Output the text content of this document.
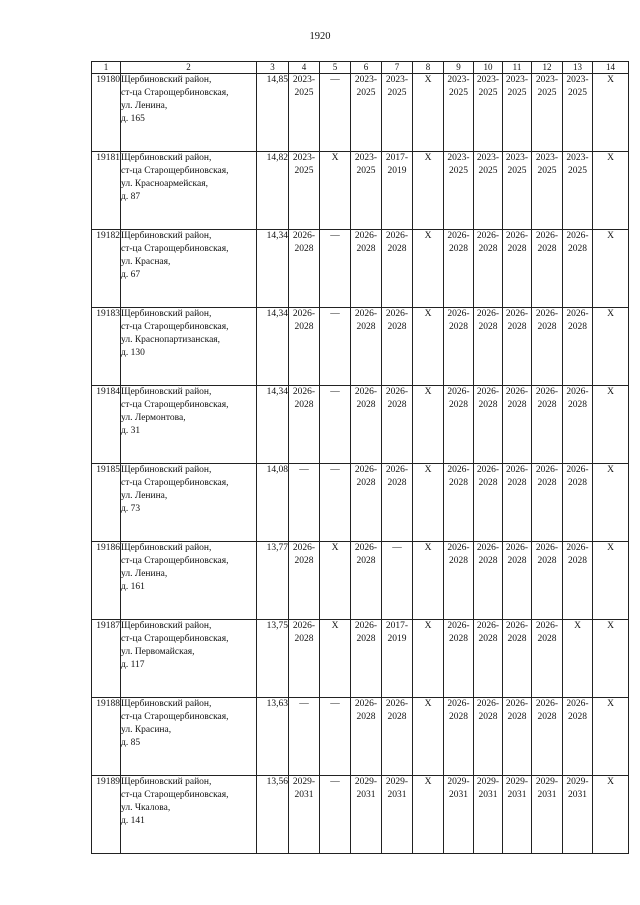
1920
1	2	3	4	5	6	7	8	9	10	11	12	13	14
19180	Щербиновский район,
ст-ца Старощербиновская,
ул. Ленина,
д. 165	14,85	2023-
2025	—	2023-
2025	2023-
2025	X	2023-
2025	2023-
2025	2023-
2025	2023-
2025	2023-
2025	X

19181	Щербиновский район,
ст-ца Старощербиновская,
ул. Красноармейская,
д. 87	14,82	2023-
2025	X	2023-
2025	2017-
2019	X	2023-
2025	2023-
2025	2023-
2025	2023-
2025	2023-
2025	X

19182	Щербиновский район,
ст-ца Старощербиновская,
ул. Красная,
д. 67	14,34	2026-
2028	—	2026-
2028	2026-
2028	X	2026-
2028	2026-
2028	2026-
2028	2026-
2028	2026-
2028	X

19183	Щербиновский район,
ст-ца Старощербиновская,
ул. Краснопартизанская,
д. 130	14,34	2026-
2028	—	2026-
2028	2026-
2028	X	2026-
2028	2026-
2028	2026-
2028	2026-
2028	2026-
2028	X

19184	Щербиновский район,
ст-ца Старощербиновская,
ул. Лермонтова,
д. 31	14,34	2026-
2028	—	2026-
2028	2026-
2028	X	2026-
2028	2026-
2028	2026-
2028	2026-
2028	2026-
2028	X

19185	Щербиновский район,
ст-ца Старощербиновская,
ул. Ленина,
д. 73	14,08	—	—	2026-
2028	2026-
2028	X	2026-
2028	2026-
2028	2026-
2028	2026-
2028	2026-
2028	X

19186	Щербиновский район,
ст-ца Старощербиновская,
ул. Ленина,
д. 161	13,77	2026-
2028	X	2026-
2028	—	X	2026-
2028	2026-
2028	2026-
2028	2026-
2028	2026-
2028	X

19187	Щербиновский район,
ст-ца Старощербиновская,
ул. Первомайская,
д. 117	13,75	2026-
2028	X	2026-
2028	2017-
2019	X	2026-
2028	2026-
2028	2026-
2028	2026-
2028	X	X

19188	Щербиновский район,
ст-ца Старощербиновская,
ул. Красина,
д. 85	13,63	—	—	2026-
2028	2026-
2028	X	2026-
2028	2026-
2028	2026-
2028	2026-
2028	2026-
2028	X

19189	Щербиновский район,
ст-ца Старощербиновская,
ул. Чкалова,
д. 141	13,56	2029-
2031	—	2029-
2031	2029-
2031	X	2029-
2031	2029-
2031	2029-
2031	2029-
2031	2029-
2031	X
